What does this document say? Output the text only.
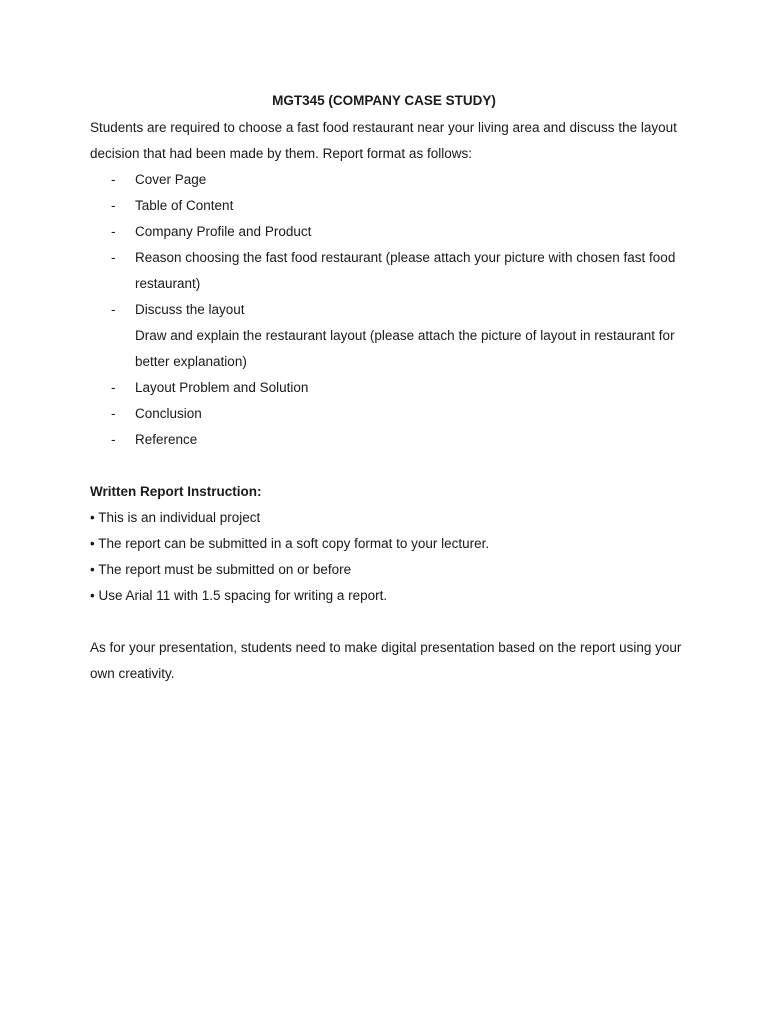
MGT345 (COMPANY CASE STUDY)
Students are required to choose a fast food restaurant near your living area and discuss the layout
decision that had been made by them. Report format as follows:
- Cover Page
- Table of Content
- Company Profile and Product
- Reason choosing the fast food restaurant (please attach your picture with chosen fast food
restaurant)
- Discuss the layout
Draw and explain the restaurant layout (please attach the picture of layout in restaurant for
better explanation)
- Layout Problem and Solution
- Conclusion
- Reference
Written Report Instruction:
• This is an individual project
• The report can be submitted in a soft copy format to your lecturer.
• The report must be submitted on or before
• Use Arial 11 with 1.5 spacing for writing a report.
As for your presentation, students need to make digital presentation based on the report using your
own creativity.
